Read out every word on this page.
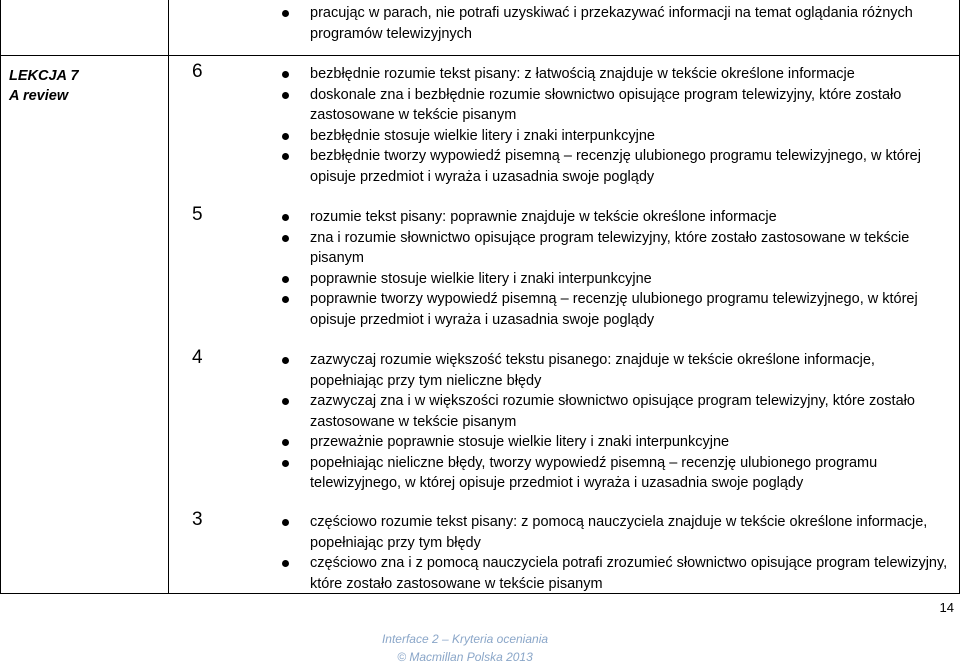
LEKCJA 7
A review
pracując w parach, nie potrafi uzyskiwać i przekazywać informacji na temat oglądania różnych programów telewizyjnych
6	bezbłędnie rozumie tekst pisany: z łatwością znajduje w tekście określone informacje
doskonale zna i bezbłędnie rozumie słownictwo opisujące program telewizyjny, które zostało zastosowane w tekście pisanym
bezbłędnie stosuje wielkie litery i znaki interpunkcyjne
bezbłędnie tworzy wypowiedź pisemną – recenzję ulubionego programu telewizyjnego, w której opisuje przedmiot i wyraża i uzasadnia swoje poglądy
5	rozumie tekst pisany: poprawnie znajduje w tekście określone informacje
zna i rozumie słownictwo opisujące program telewizyjny, które zostało zastosowane w tekście pisanym
poprawnie stosuje wielkie litery i znaki interpunkcyjne
poprawnie tworzy wypowiedź pisemną – recenzję ulubionego programu telewizyjnego, w której opisuje przedmiot i wyraża i uzasadnia swoje poglądy
4	zazwyczaj rozumie większość tekstu pisanego: znajduje w tekście określone informacje, popełniając przy tym nieliczne błędy
zazwyczaj zna i w większości rozumie słownictwo opisujące program telewizyjny, które zostało zastosowane w tekście pisanym
przeważnie poprawnie stosuje wielkie litery i znaki interpunkcyjne
popełniając nieliczne błędy, tworzy wypowiedź pisemną – recenzję ulubionego programu telewizyjnego, w której opisuje przedmiot i wyraża i uzasadnia swoje poglądy
3	częściowo rozumie tekst pisany: z pomocą nauczyciela znajduje w tekście określone informacje, popełniając przy tym błędy
częściowo zna i z pomocą nauczyciela potrafi zrozumieć słownictwo opisujące program telewizyjny, które zostało zastosowane w tekście pisanym
14
Interface 2 – Kryteria oceniania
© Macmillan Polska 2013
